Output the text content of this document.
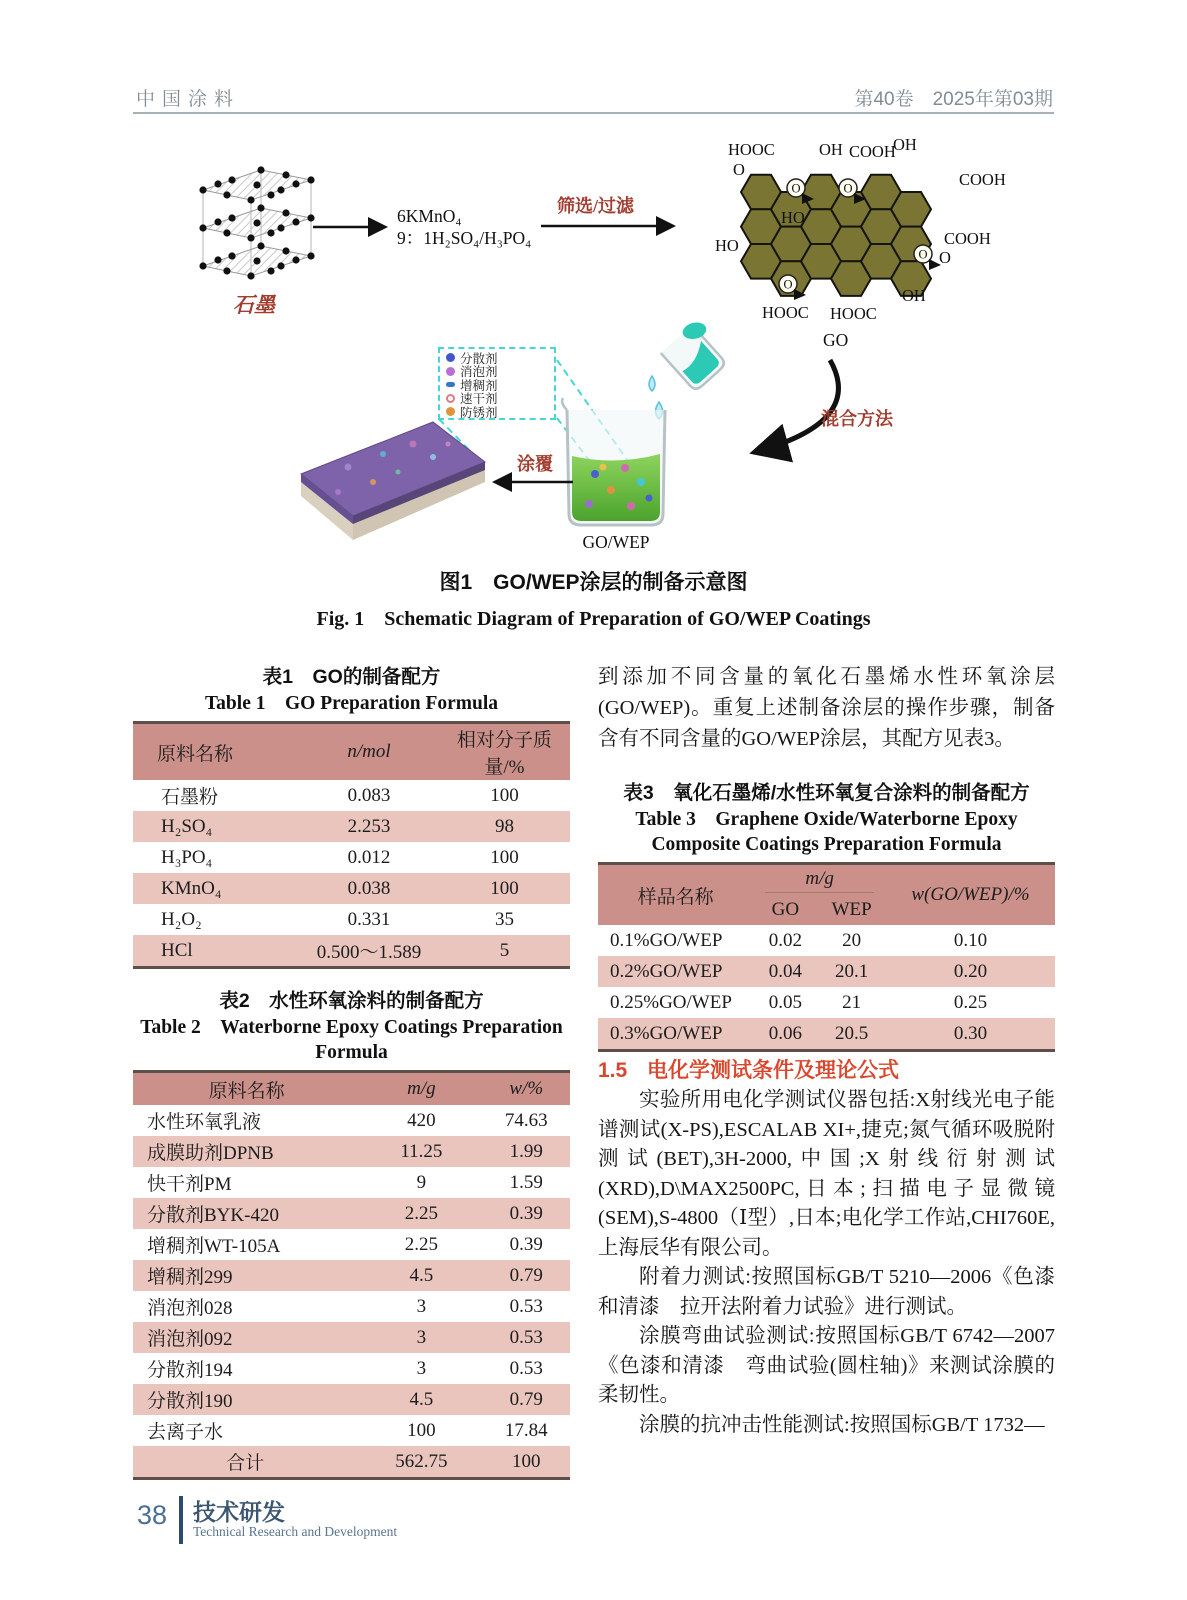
中国涂料	第40卷　2025年第03期
石墨
6KMnO₄
9：1H₂SO₄/H₃PO₄
筛选/过滤
O	O
O
O
HOOC	OH COOH
OH
O
COOH
HO
HO	COOH
O
OH
HOOC HOOC
GO
混合方法
GO/WEP
涂覆
分散剂
消泡剂
增稠剂
速干剂
防锈剂
图1　GO/WEP涂层的制备示意图
Fig. 1　Schematic Diagram of Preparation of GO/WEP Coatings
表1　GO的制备配方
Table 1　GO Preparation Formula
原料名称	n/mol	相对分子质量/%
石墨粉	0.083	100
H₂SO₄	2.253	98
H₃PO₄	0.012	100
KMnO₄	0.038	100
H₂O₂	0.331	35
HCl	0.500～1.589	5
表2　水性环氧涂料的制备配方
Table 2　Waterborne Epoxy Coatings Preparation Formula
原料名称	m/g	w/%
水性环氧乳液	420	74.63
成膜助剂DPNB	11.25	1.99
快干剂PM	9	1.59
分散剂BYK-420	2.25	0.39
增稠剂WT-105A	2.25	0.39
增稠剂299	4.5	0.79
消泡剂028	3	0.53
消泡剂092	3	0.53
分散剂194	3	0.53
分散剂190	4.5	0.79
去离子水	100	17.84
合计	562.75	100

到添加不同含量的氧化石墨烯水性环氧涂层(GO/WEP)。重复上述制备涂层的操作步骤，制备含有不同含量的GO/WEP涂层，其配方见表3。

表3　氧化石墨烯/水性环氧复合涂料的制备配方
Table 3　Graphene Oxide/Waterborne Epoxy Composite Coatings Preparation Formula
样品名称	m/g		w(GO/WEP)/%
	GO	WEP	
0.1%GO/WEP	0.02	20	0.10
0.2%GO/WEP	0.04	20.1	0.20
0.25%GO/WEP	0.05	21	0.25
0.3%GO/WEP	0.06	20.5	0.30
1.5 电化学测试条件及理论公式

实验所用电化学测试仪器包括:X射线光电子能谱测试(X-PS),ESCALAB XI+,捷克;氮气循环吸脱附测试(BET),3H-2000,中国;X射线衍射测试(XRD),D\MAX2500PC,日本;扫描电子显微镜(SEM),S-4800（Ⅰ型）,日本;电化学工作站,CHI760E,上海辰华有限公司。

附着力测试:按照国标GB/T 5210—2006《色漆和清漆　拉开法附着力试验》进行测试。

涂膜弯曲试验测试:按照国标GB/T 6742—2007《色漆和清漆　弯曲试验(圆柱轴)》来测试涂膜的柔韧性。

涂膜的抗冲击性能测试:按照国标GB/T 1732—

38 技术研发
Technical Research and Development
